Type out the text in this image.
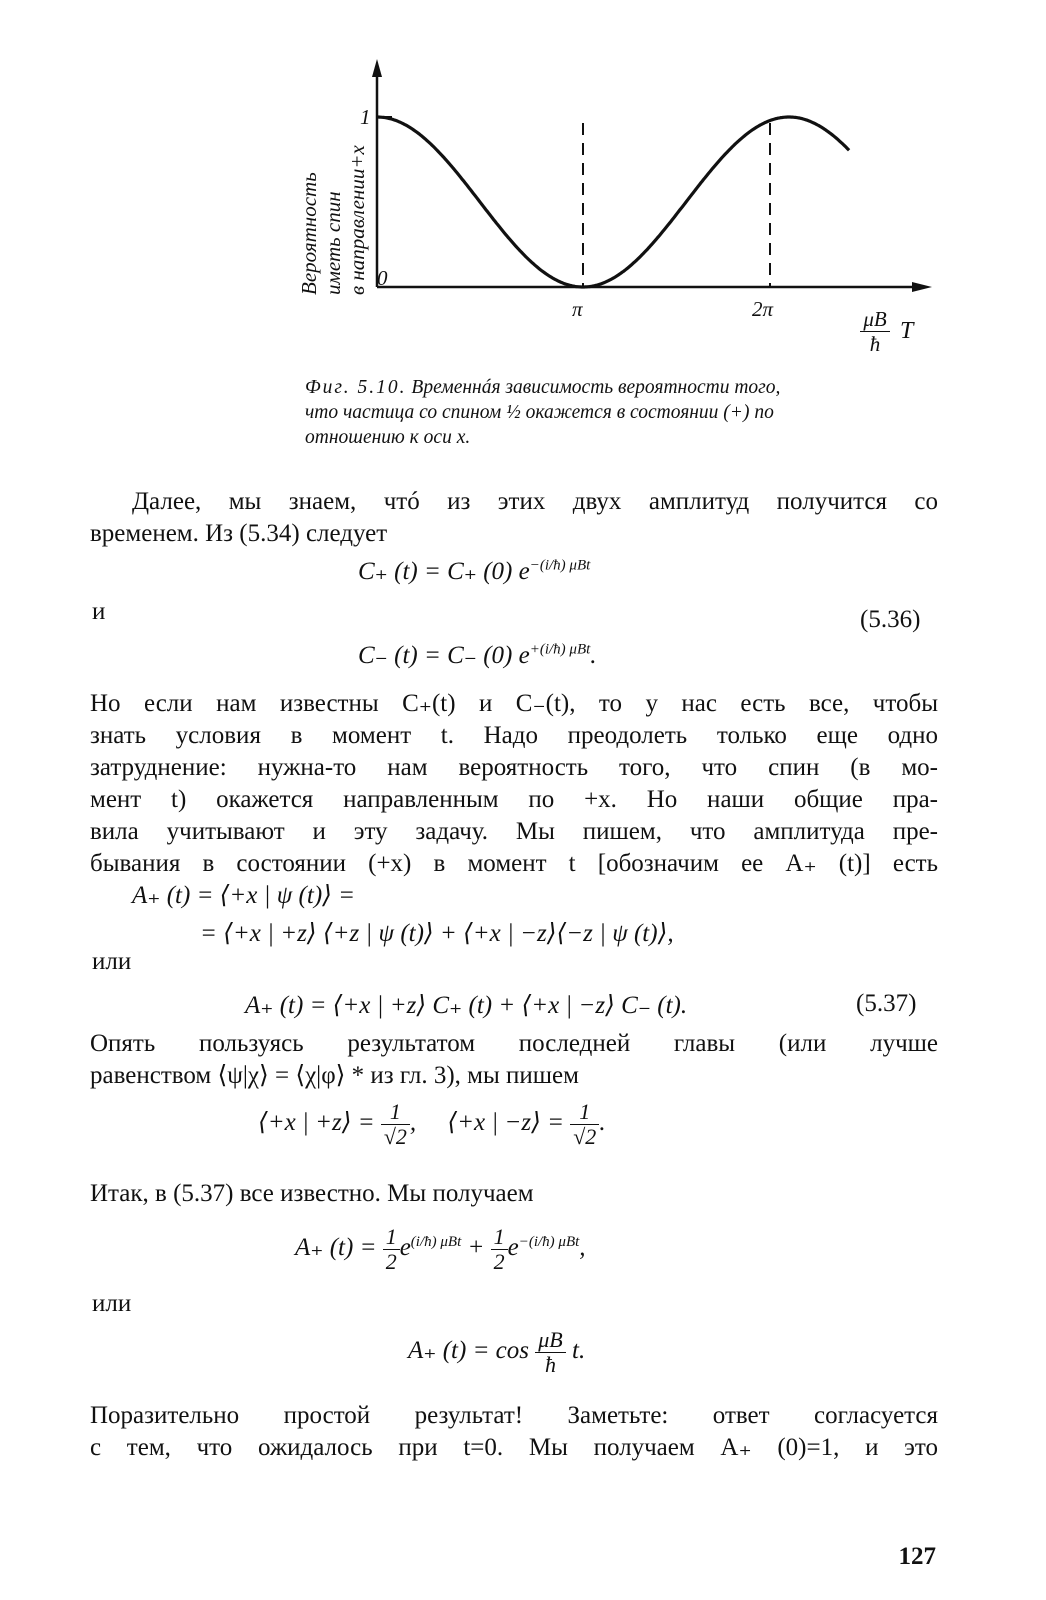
0
1
π	2π	$\frac{\mu B}{ħ}$ T
Вероятность иметь спин в направлении+x
Фиг. 5.10. Временнáя зависимость вероятности того,
что частица со спином ½ окажется в состоянии (+) по
отношению к оси x.
Далее, мы знаем, чтó из этих двух амплитуд получится со
временем. Из (5.34) следует
C₊ (t) = C₊ (0) $e^{-(i/ħ) \mu Bt}$
и	(5.36)
C₋ (t) = C₋ (0) $e^{+(i/ħ) \mu Bt}$.
Но если нам известны C₊(t) и C₋(t), то у нас есть все, чтобы
знать условия в момент t. Надо преодолеть только еще одно
затруднение: нужна-то нам вероятность того, что спин (в мо-
мент t) окажется направленным по +x. Но наши общие пра-
вила учитывают и эту задачу. Мы пишем, что амплитуда пре-
бывания в состоянии (+x) в момент t [обозначим ее A₊ (t)] есть
A₊ (t) = ⟨+x | ψ (t)⟩ =
= ⟨+x | +z⟩ ⟨+z | ψ (t)⟩ + ⟨+x | −z⟩⟨−z | ψ (t)⟩,
или
A₊ (t) = ⟨+x | +z⟩ C₊ (t) + ⟨+x | −z⟩ C₋ (t).	(5.37)
Опять пользуясь результатом последней главы (или лучше
равенством ⟨ψ|χ⟩ = ⟨χ|φ⟩ * из гл. 3), мы пишем
⟨+x | +z⟩ = $\frac{1}{√2}$ , ⟨+x | −z⟩ = $\frac{1}{√2}$ .
Итак, в (5.37) все известно. Мы получаем
A₊ $(t) = \frac{1}{2} e^{(i/ħ) \mu Bt} + \frac{1}{2} e^{-(i/ħ) \mu Bt}$,
или
A₊ $(t) = \cos \frac{\mu B}{ħ} t$.
Поразительно простой результат! Заметьте: ответ согласуется
с тем, что ожидалось при t=0. Мы получаем A₊ (0)=1, и это
127
